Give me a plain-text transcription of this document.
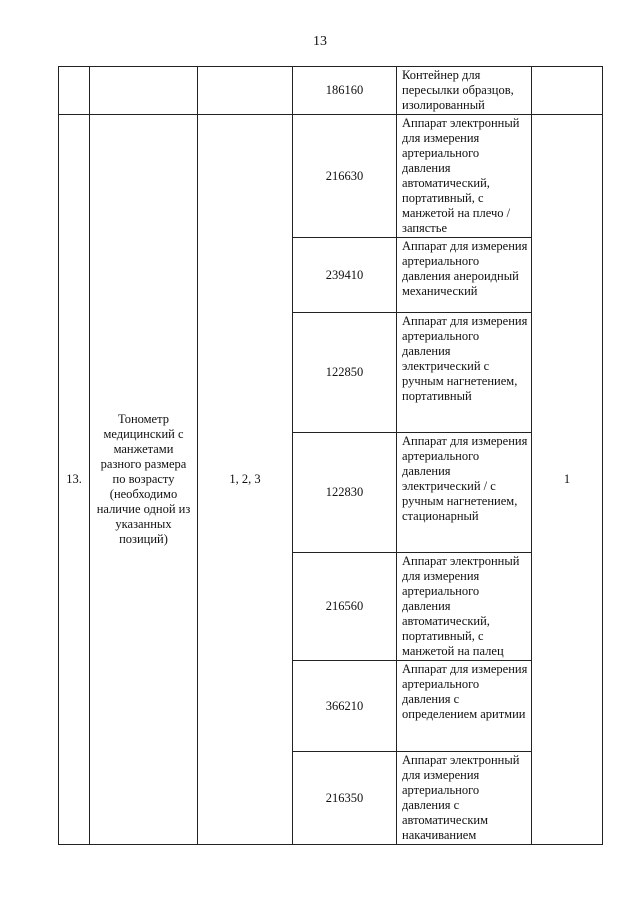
13
			186160	Контейнер для пересылки образцов, изолированный	
13.	Тонометр медицинский с манжетами разного размера по возрасту (необходимо наличие одной из указанных позиций)	1, 2, 3	216630	Аппарат электронный для измерения артериального давления автоматический, портативный, с манжетой на плечо / запястье	1
			239410	Аппарат для измерения артериального давления анероидный механический	
			122850	Аппарат для измерения артериального давления электрический с ручным нагнетением, портативный	
			122830	Аппарат для измерения артериального давления электрический / с ручным нагнетением, стационарный	
			216560	Аппарат электронный для измерения артериального давления автоматический, портативный, с манжетой на палец	
			366210	Аппарат для измерения артериального давления с определением аритмии	
			216350	Аппарат электронный для измерения артериального давления с автоматическим накачиванием	
